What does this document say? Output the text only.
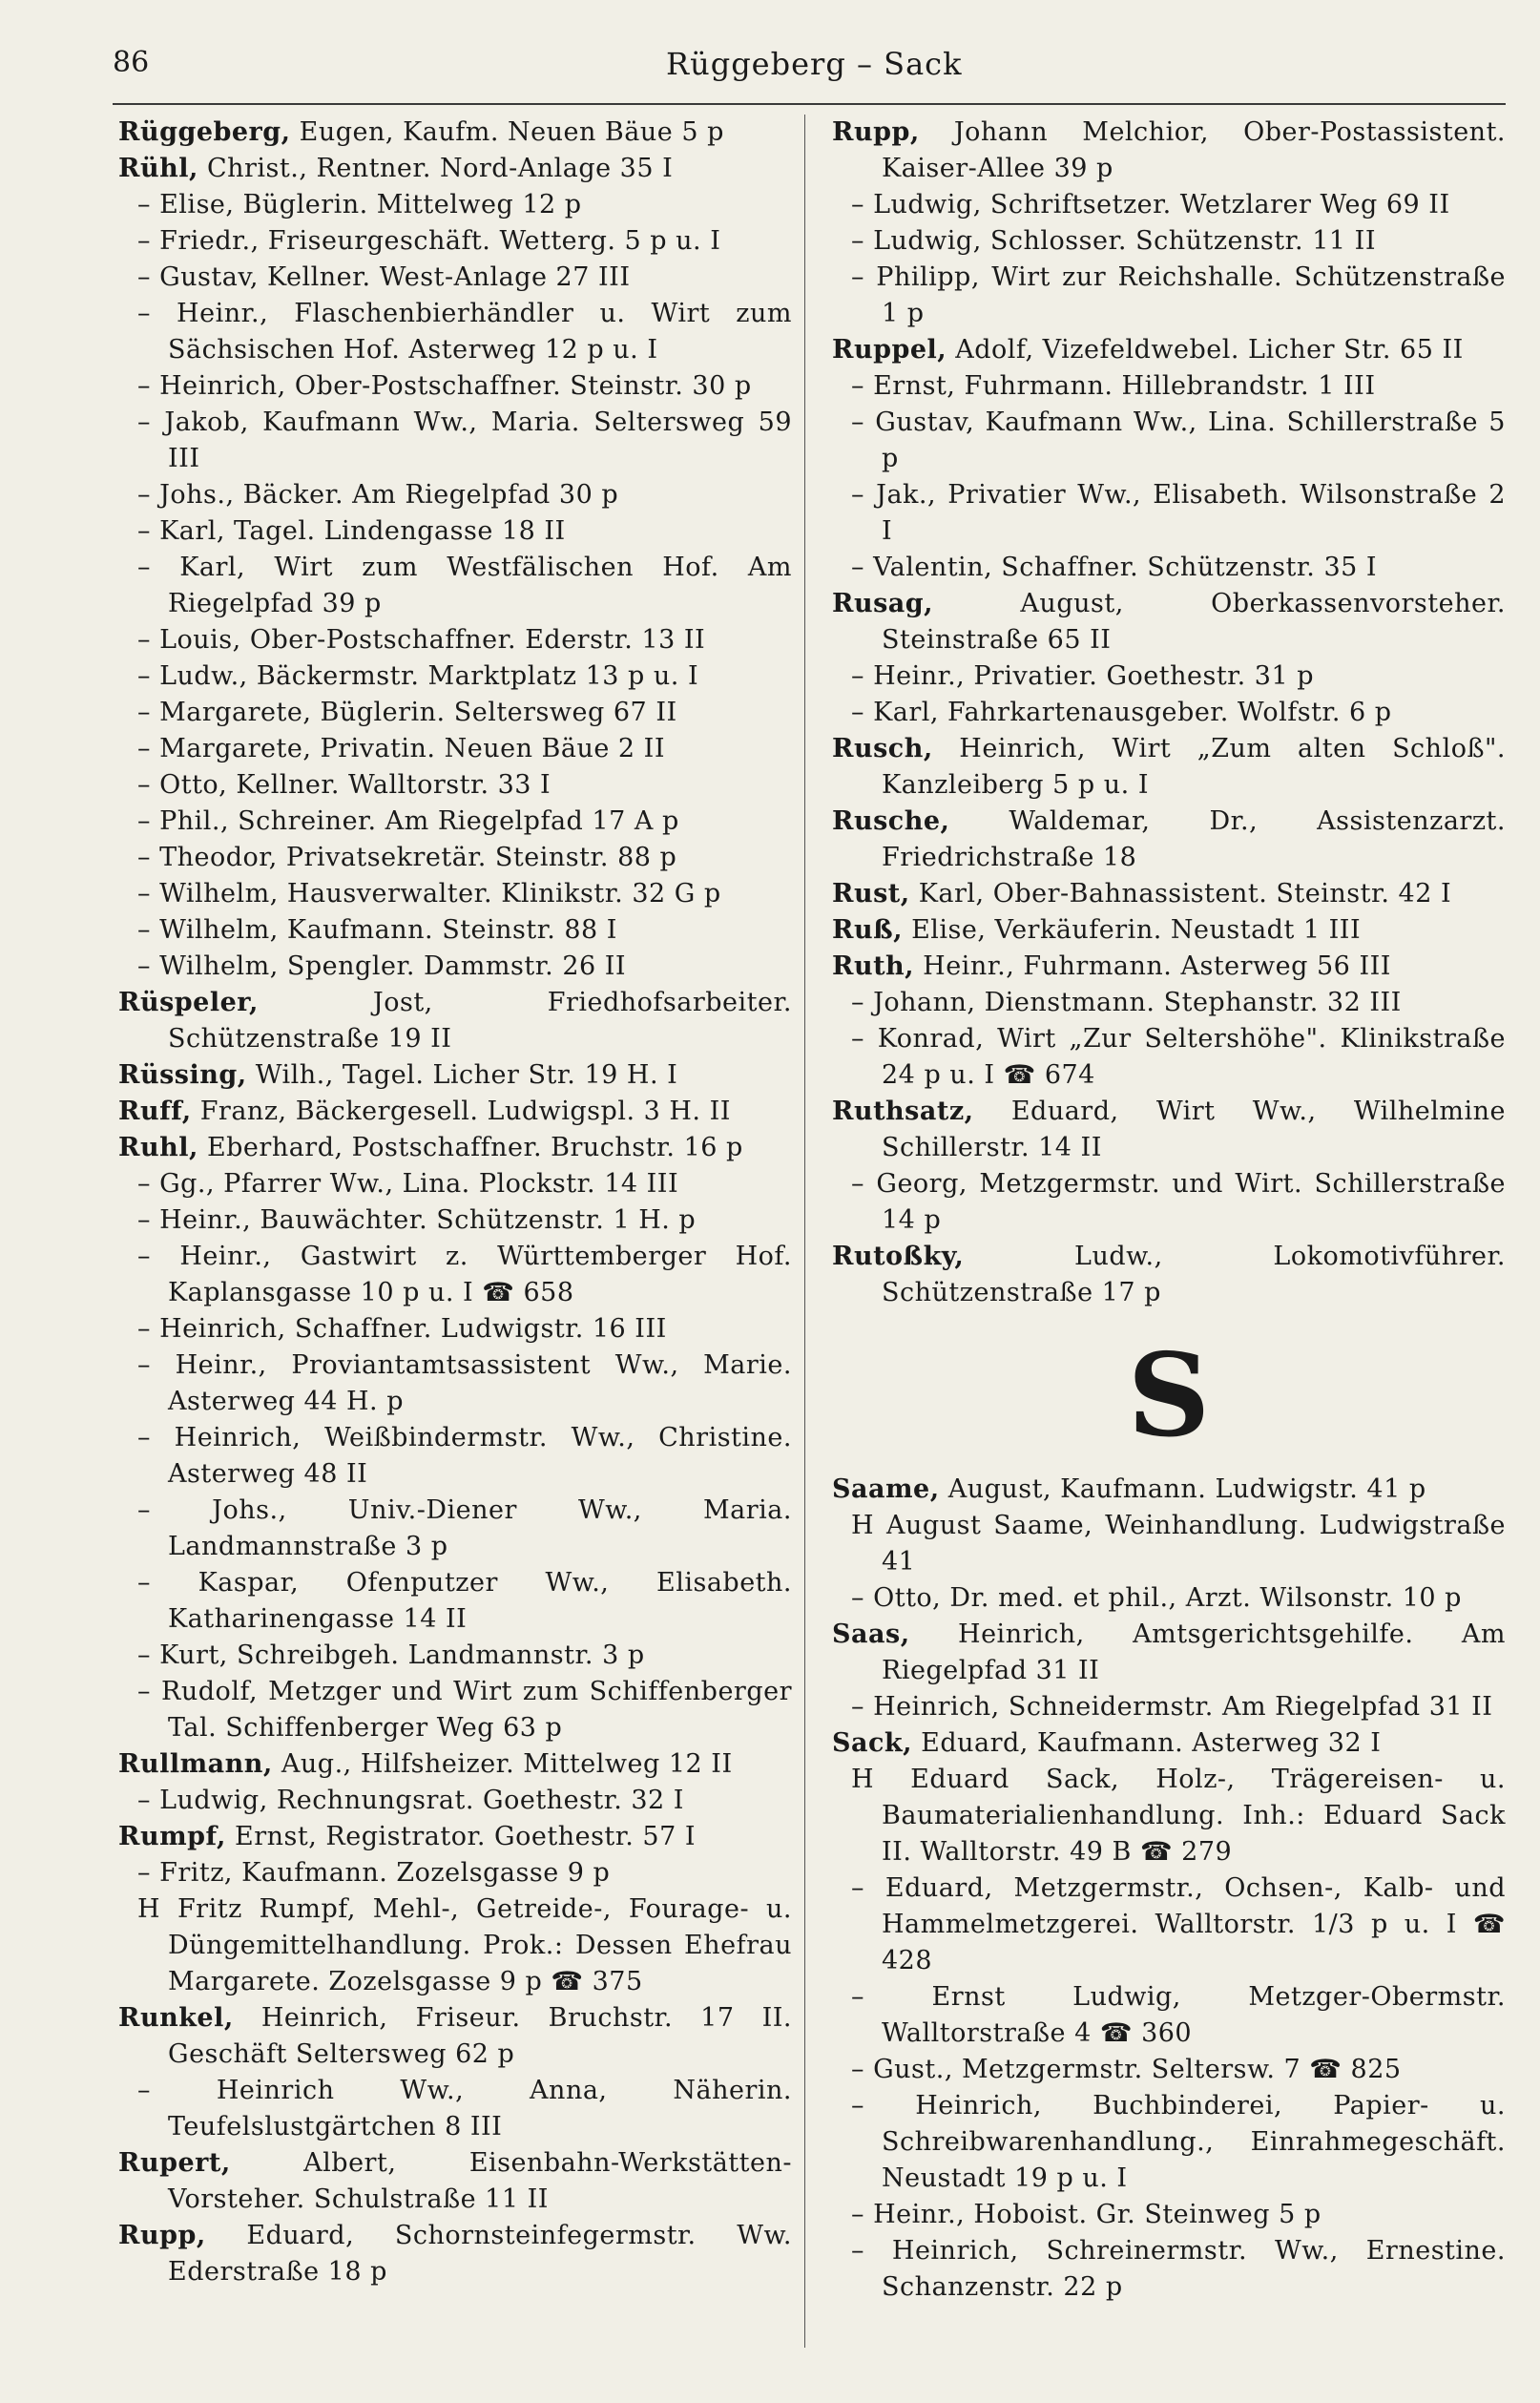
86	Rüggeberg – Sack

Rüggeberg, Eugen, Kaufm. Neuen Bäue 5 p

Rühl, Christ., Rentner. Nord-Anlage 35 I

– Elise, Büglerin. Mittelweg 12 p

– Friedr., Friseurgeschäft. Wetterg. 5 p u. I

– Gustav, Kellner. West-Anlage 27 III

– Heinr., Flaschenbierhändler u. Wirt zum Sächsischen Hof. Asterweg 12 p u. I

– Heinrich, Ober-Postschaffner. Steinstr. 30 p

– Jakob, Kaufmann Ww., Maria. Seltersweg 59 III

– Johs., Bäcker. Am Riegelpfad 30 p

– Karl, Tagel. Lindengasse 18 II

– Karl, Wirt zum Westfälischen Hof. Am Riegelpfad 39 p

– Louis, Ober-Postschaffner. Ederstr. 13 II

– Ludw., Bäckermstr. Marktplatz 13 p u. I

– Margarete, Büglerin. Seltersweg 67 II

– Margarete, Privatin. Neuen Bäue 2 II

– Otto, Kellner. Walltorstr. 33 I

– Phil., Schreiner. Am Riegelpfad 17 A p

– Theodor, Privatsekretär. Steinstr. 88 p

– Wilhelm, Hausverwalter. Klinikstr. 32 G p

– Wilhelm, Kaufmann. Steinstr. 88 I

– Wilhelm, Spengler. Dammstr. 26 II

Rüspeler, Jost, Friedhofsarbeiter. Schützenstraße 19 II

Rüssing, Wilh., Tagel. Licher Str. 19 H. I

Ruff, Franz, Bäckergesell. Ludwigspl. 3 H. II

Ruhl, Eberhard, Postschaffner. Bruchstr. 16 p

– Gg., Pfarrer Ww., Lina. Plockstr. 14 III

– Heinr., Bauwächter. Schützenstr. 1 H. p

– Heinr., Gastwirt z. Württemberger Hof. Kaplansgasse 10 p u. I ☎ 658

– Heinrich, Schaffner. Ludwigstr. 16 III

– Heinr., Proviantamtsassistent Ww., Marie. Asterweg 44 H. p

– Heinrich, Weißbindermstr. Ww., Christine. Asterweg 48 II

– Johs., Univ.-Diener Ww., Maria. Landmannstraße 3 p

– Kaspar, Ofenputzer Ww., Elisabeth. Katharinengasse 14 II

– Kurt, Schreibgeh. Landmannstr. 3 p

– Rudolf, Metzger und Wirt zum Schiffenberger Tal. Schiffenberger Weg 63 p

Rullmann, Aug., Hilfsheizer. Mittelweg 12 II

– Ludwig, Rechnungsrat. Goethestr. 32 I

Rumpf, Ernst, Registrator. Goethestr. 57 I

– Fritz, Kaufmann. Zozelsgasse 9 p

H Fritz Rumpf, Mehl-, Getreide-, Fourage- u. Düngemittelhandlung. Prok.: Dessen Ehefrau Margarete. Zozelsgasse 9 p ☎ 375

Runkel, Heinrich, Friseur. Bruchstr. 17 II. Geschäft Seltersweg 62 p

– Heinrich Ww., Anna, Näherin. Teufelslustgärtchen 8 III

Rupert, Albert, Eisenbahn-Werkstätten-Vorsteher. Schulstraße 11 II

Rupp, Eduard, Schornsteinfegermstr. Ww. Ederstraße 18 p

Rupp, Johann Melchior, Ober-Postassistent. Kaiser-Allee 39 p

– Ludwig, Schriftsetzer. Wetzlarer Weg 69 II

– Ludwig, Schlosser. Schützenstr. 11 II

– Philipp, Wirt zur Reichshalle. Schützenstraße 1 p

Ruppel, Adolf, Vizefeldwebel. Licher Str. 65 II

– Ernst, Fuhrmann. Hillebrandstr. 1 III

– Gustav, Kaufmann Ww., Lina. Schillerstraße 5 p

– Jak., Privatier Ww., Elisabeth. Wilsonstraße 2 I

– Valentin, Schaffner. Schützenstr. 35 I

Rusag, August, Oberkassenvorsteher. Steinstraße 65 II

– Heinr., Privatier. Goethestr. 31 p

– Karl, Fahrkartenausgeber. Wolfstr. 6 p

Rusch, Heinrich, Wirt „Zum alten Schloß". Kanzleiberg 5 p u. I

Rusche, Waldemar, Dr., Assistenzarzt. Friedrichstraße 18

Rust, Karl, Ober-Bahnassistent. Steinstr. 42 I

Ruß, Elise, Verkäuferin. Neustadt 1 III

Ruth, Heinr., Fuhrmann. Asterweg 56 III

– Johann, Dienstmann. Stephanstr. 32 III

– Konrad, Wirt „Zur Seltershöhe". Klinikstraße 24 p u. I ☎ 674

Ruthsatz, Eduard, Wirt Ww., Wilhelmine Schillerstr. 14 II

– Georg, Metzgermstr. und Wirt. Schillerstraße 14 p

Rutoßky, Ludw., Lokomotivführer. Schützenstraße 17 p

S

Saame, August, Kaufmann. Ludwigstr. 41 p

H August Saame, Weinhandlung. Ludwigstraße 41

– Otto, Dr. med. et phil., Arzt. Wilsonstr. 10 p

Saas, Heinrich, Amtsgerichtsgehilfe. Am Riegelpfad 31 II

– Heinrich, Schneidermstr. Am Riegelpfad 31 II

Sack, Eduard, Kaufmann. Asterweg 32 I

H Eduard Sack, Holz-, Trägereisen- u. Baumaterialienhandlung. Inh.: Eduard Sack II. Walltorstr. 49 B ☎ 279

– Eduard, Metzgermstr., Ochsen-, Kalb- und Hammelmetzgerei. Walltorstr. 1/3 p u. I ☎ 428

– Ernst Ludwig, Metzger-Obermstr. Walltorstraße 4 ☎ 360

– Gust., Metzgermstr. Seltersw. 7 ☎ 825

– Heinrich, Buchbinderei, Papier- u. Schreibwarenhandlung., Einrahmegeschäft. Neustadt 19 p u. I

– Heinr., Hoboist. Gr. Steinweg 5 p

– Heinrich, Schreinermstr. Ww., Ernestine. Schanzenstr. 22 p
